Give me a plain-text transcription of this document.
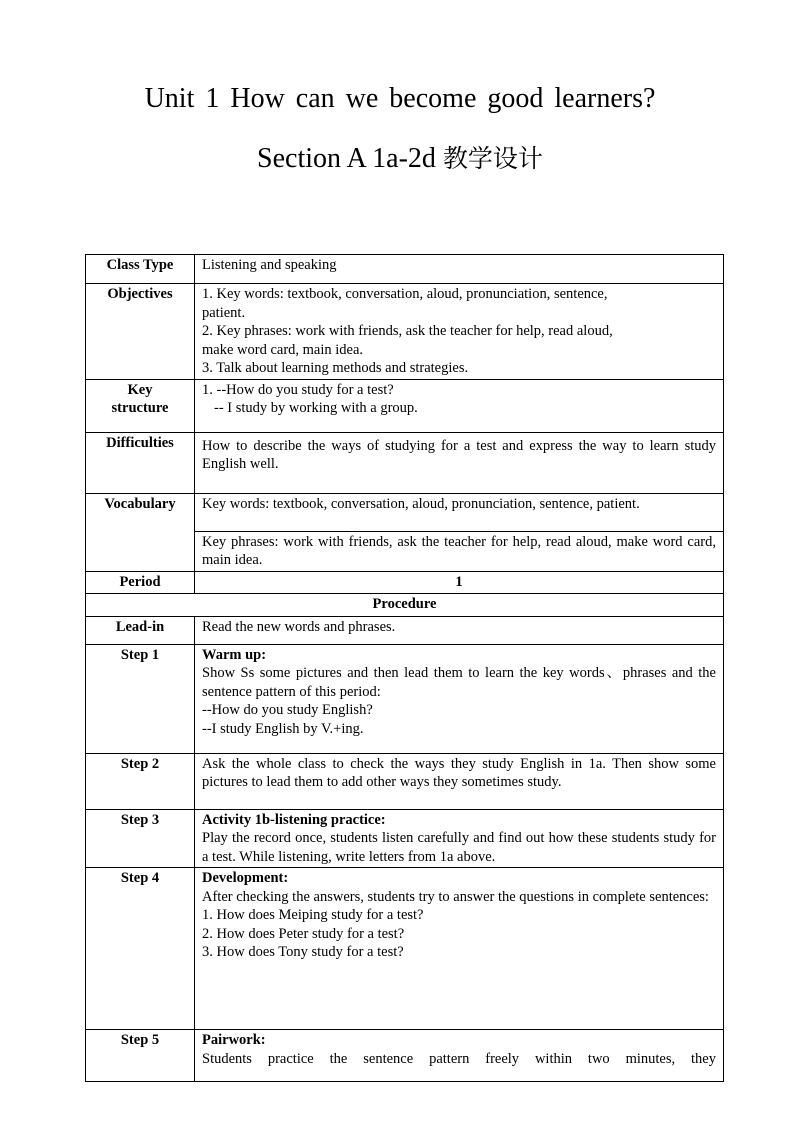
Unit 1 How can we become good learners?
Section A 1a-2d 教学设计
Class Type	Listening and speaking
Objectives	1. Key words: textbook, conversation, aloud, pronunciation, sentence,
patient.
2. Key phrases: work with friends, ask the teacher for help, read aloud,
make word card, main idea.
3. Talk about learning methods and strategies.

Key
structure	1. --How do you study for a test?
-- I study by working with a group.

Difficulties	How to describe the ways of studying for a test and express the way to learn study English well.
Vocabulary	Key words: textbook, conversation, aloud, pronunciation, sentence, patient.
	Key phrases: work with friends, ask the teacher for help, read aloud, make word card, main idea.
Period	1
Procedure	
Lead-in	Read the new words and phrases.
Step 1	Warm up:
Show Ss some pictures and then lead them to learn the key words、phrases and the sentence pattern of this period:
--How do you study English?
--I study English by V.+ing.

Step 2	Ask the whole class to check the ways they study English in 1a. Then show some pictures to lead them to add other ways they sometimes study.
Step 3	Activity 1b-listening practice:
Play the record once, students listen carefully and find out how these students study for a test. While listening, write letters from 1a above.

Step 4	Development:
After checking the answers, students try to answer the questions in complete sentences:
1. How does Meiping study for a test?
2. How does Peter study for a test?
3. How does Tony study for a test?

Step 5	Pairwork:
Students practice the sentence pattern freely within two minutes, they
